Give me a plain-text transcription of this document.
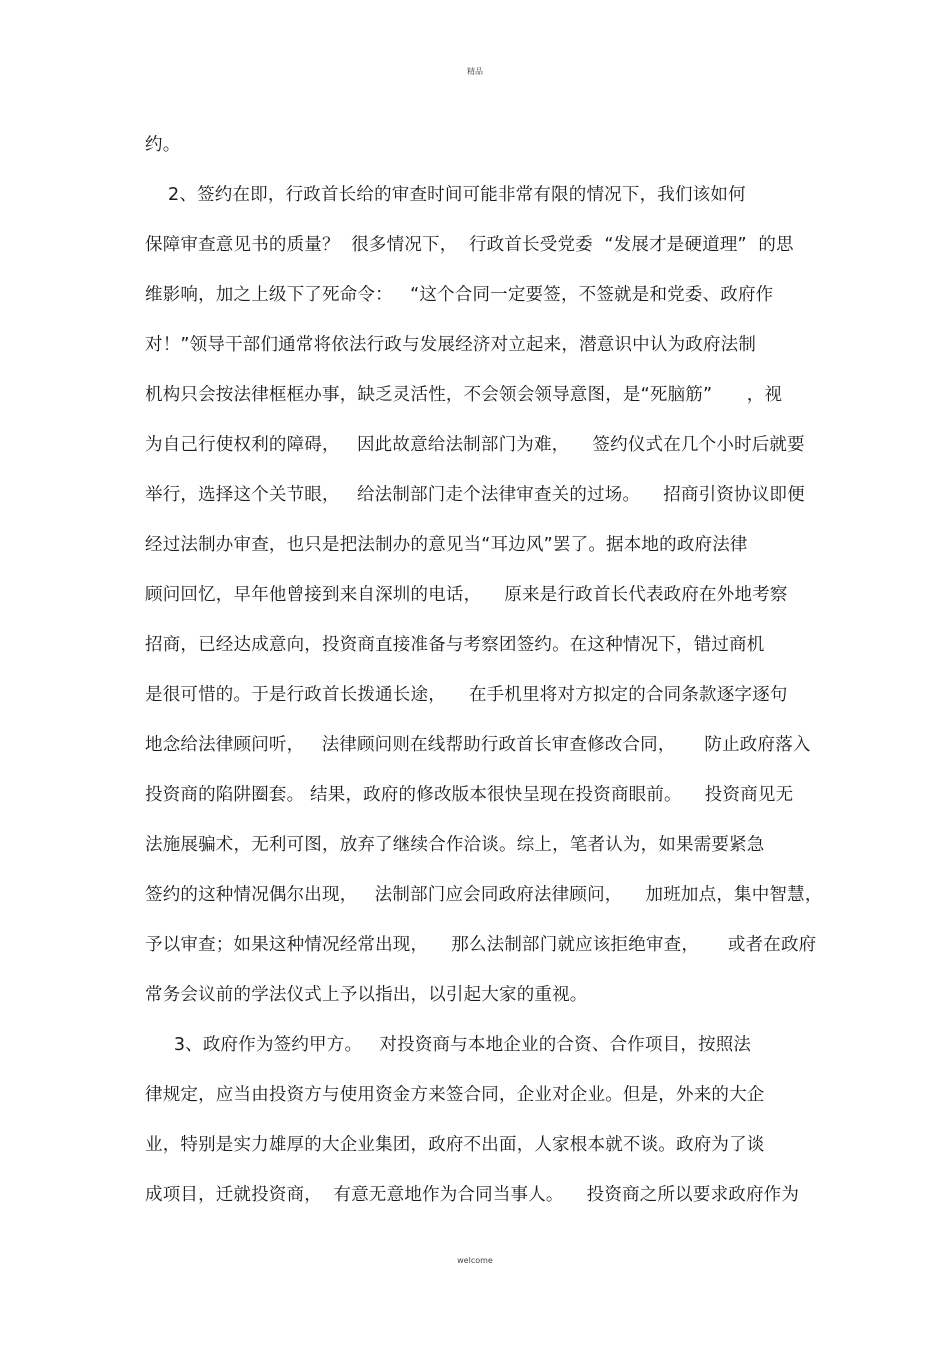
精品
约。
2、签约在即，行政首长给的审查时间可能非常有限的情况下，我们该如何
保障审查意见书的质量？  很多情况下，  行政首长受党委  “发展才是硬道理”  的思
维影响，加之上级下了死命令：   “这个合同一定要签，不签就是和党委、政府作
对！”领导干部们通常将依法行政与发展经济对立起来，潜意识中认为政府法制
机构只会按法律框框办事，缺乏灵活性，不会领会领导意图，是“死脑筋”      ，视
为自己行使权利的障碍，   因此故意给法制部门为难，    签约仪式在几个小时后就要
举行，选择这个关节眼，   给法制部门走个法律审查关的过场。    招商引资协议即便
经过法制办审查，也只是把法制办的意见当“耳边风”罢了。据本地的政府法律
顾问回忆，早年他曾接到来自深圳的电话，    原来是行政首长代表政府在外地考察
招商，已经达成意向，投资商直接准备与考察团签约。在这种情况下，错过商机
是很可惜的。于是行政首长拨通长途，    在手机里将对方拟定的合同条款逐字逐句
地念给法律顾问听，   法律顾问则在线帮助行政首长审查修改合同，     防止政府落入
投资商的陷阱圈套。 结果，政府的修改版本很快呈现在投资商眼前。    投资商见无
法施展骗术，无利可图，放弃了继续合作洽谈。综上，笔者认为，如果需要紧急
签约的这种情况偶尔出现，   法制部门应会同政府法律顾问，    加班加点，集中智慧，
予以审查；如果这种情况经常出现，    那么法制部门就应该拒绝审查，     或者在政府
常务会议前的学法仪式上予以指出，以引起大家的重视。
3、政府作为签约甲方。   对投资商与本地企业的合资、合作项目，按照法
律规定，应当由投资方与使用资金方来签合同，企业对企业。但是，外来的大企
业，特别是实力雄厚的大企业集团，政府不出面，人家根本就不谈。政府为了谈
成项目，迁就投资商，  有意无意地作为合同当事人。    投资商之所以要求政府作为
welcome
